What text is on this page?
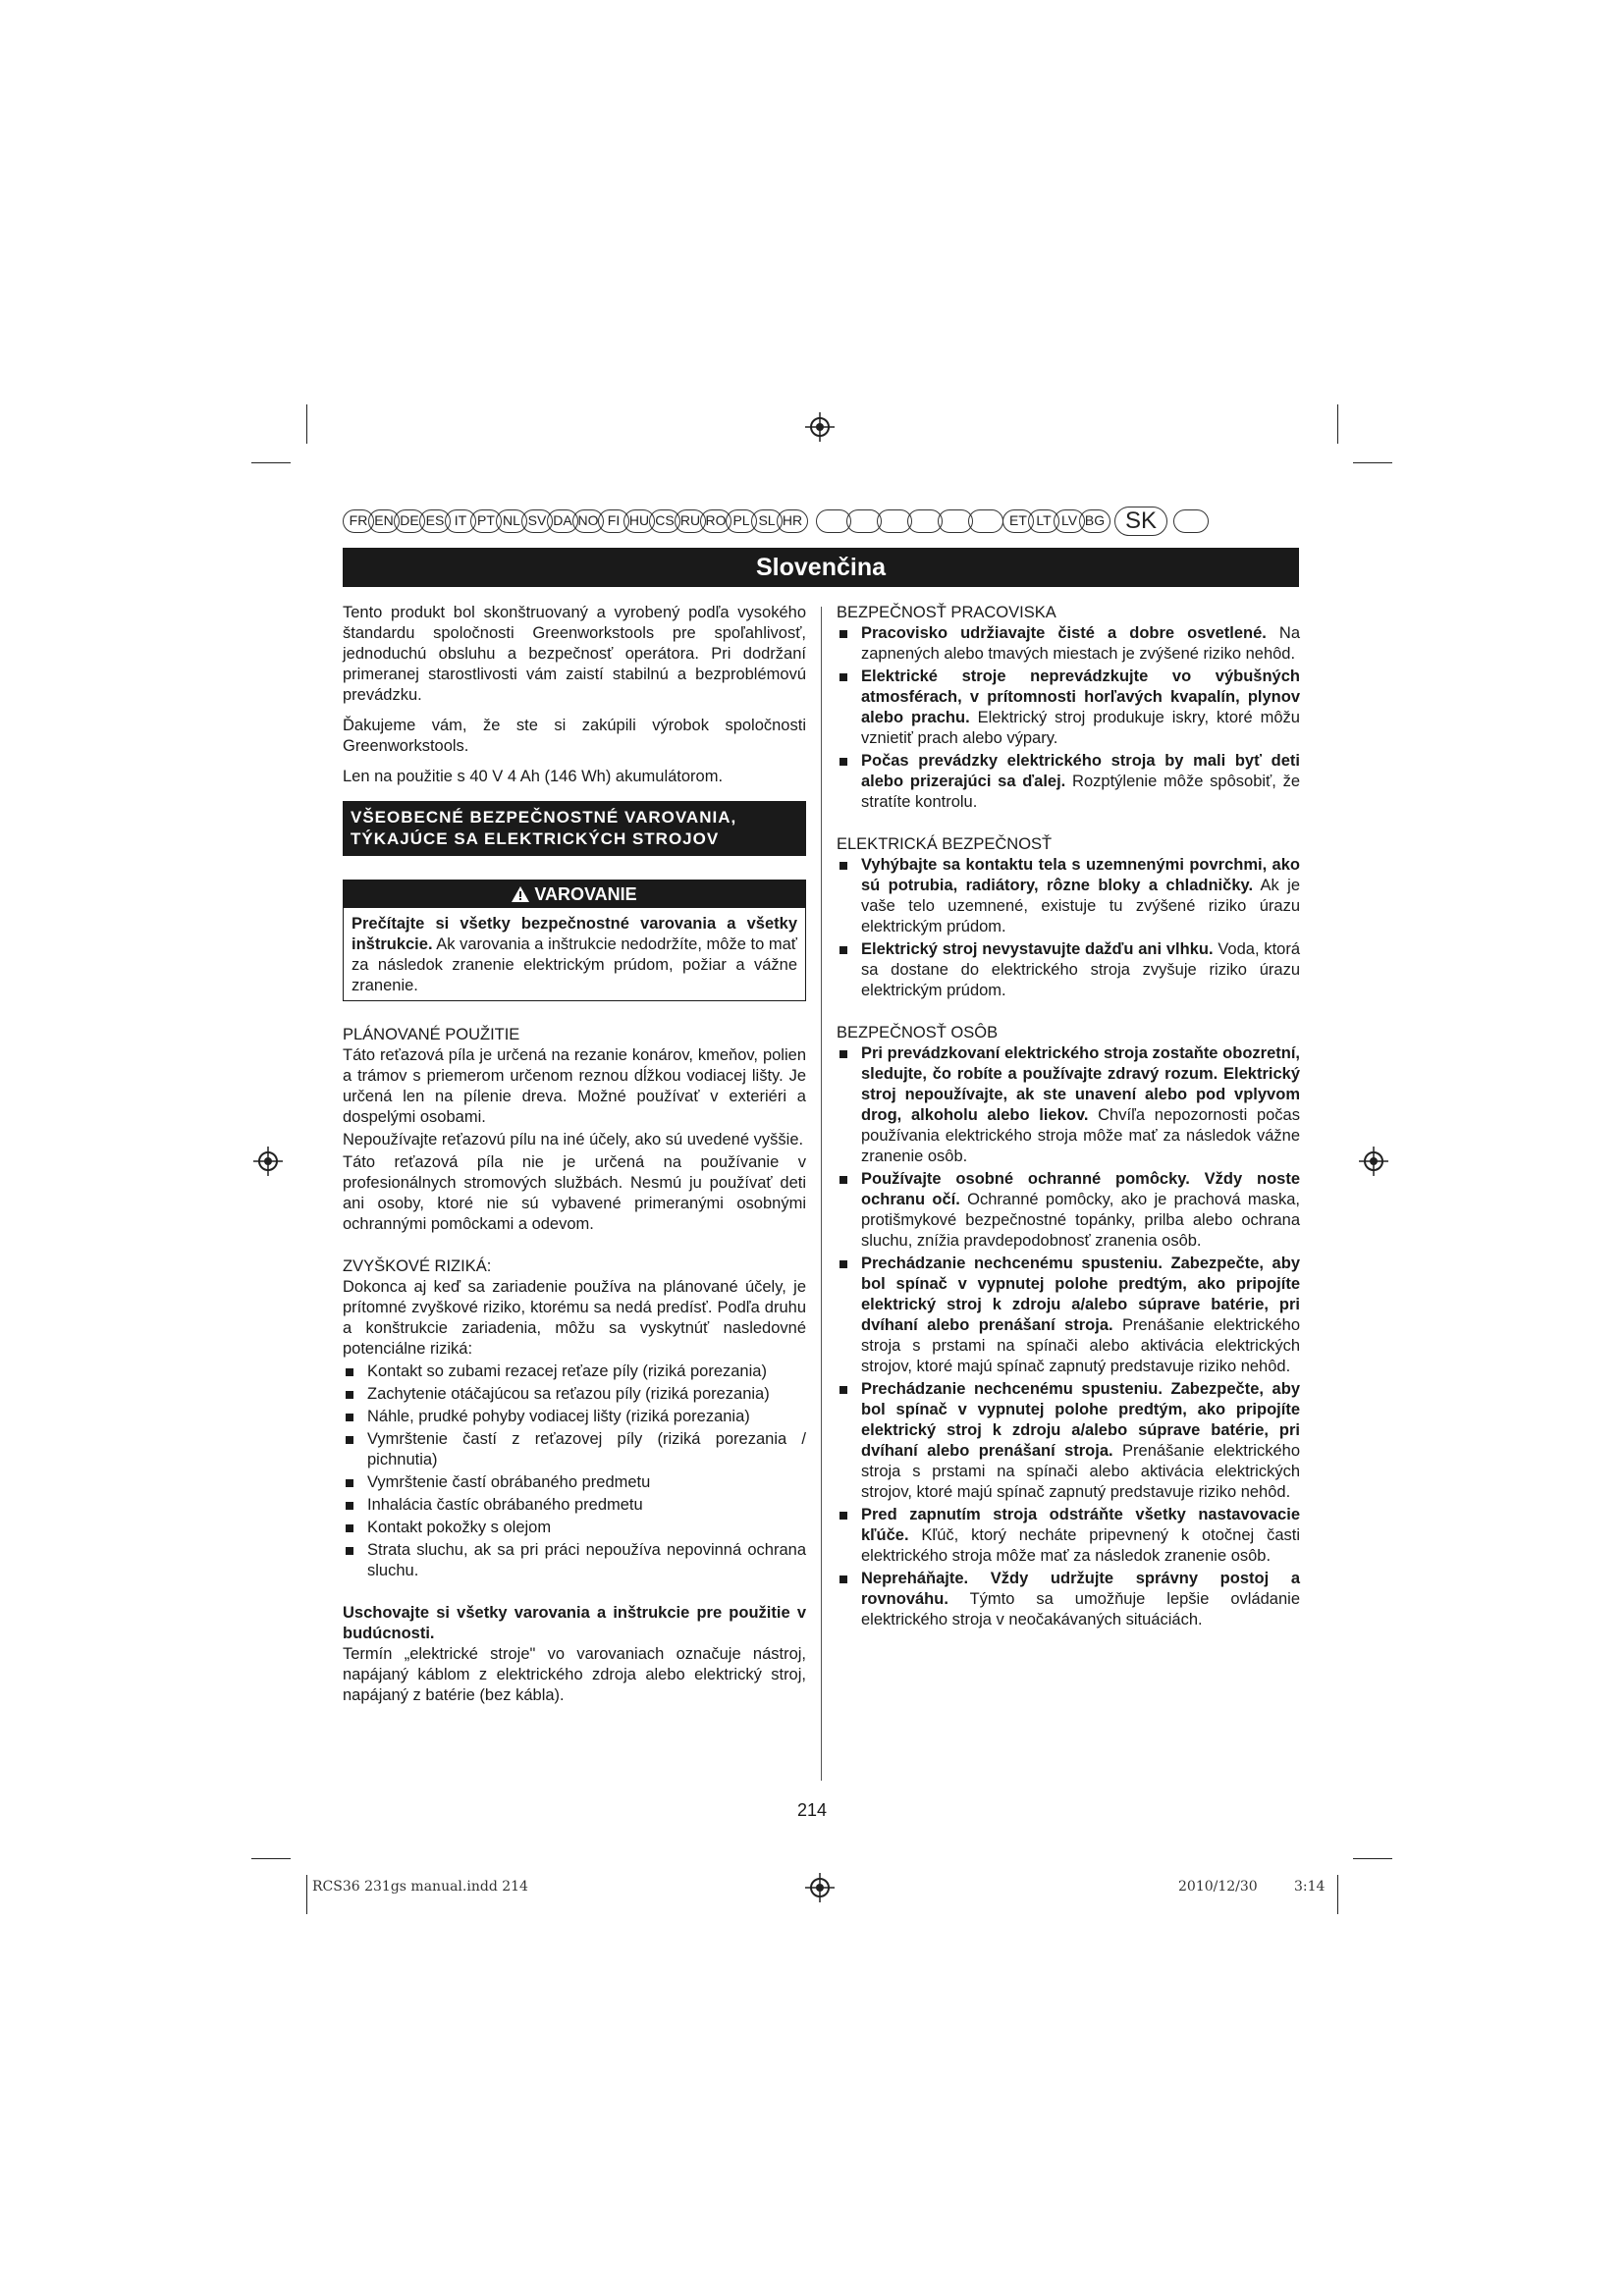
FR EN DE ES IT PT NL SV DA NO FI HU CS RU RO PL SL HR	ET LT LV BG SK
Slovenčina

Tento produkt bol skonštruovaný a vyrobený podľa vysokého štandardu spoločnosti Greenworkstools pre spoľahlivosť, jednoduchú obsluhu a bezpečnosť operátora. Pri dodržaní primeranej starostlivosti vám zaistí stabilnú a bezproblémovú prevádzku.

Ďakujeme vám, že ste si zakúpili výrobok spoločnosti Greenworkstools.

Len na použitie s 40 V 4 Ah (146 Wh) akumulátorom.

VŠEOBECNÉ BEZPEČNOSTNÉ VAROVANIA, TÝKAJÚCE SA ELEKTRICKÝCH STROJOV
VAROVANIE
Prečítajte si všetky bezpečnostné varovania a všetky inštrukcie. Ak varovania a inštrukcie nedodržíte, môže to mať za následok zranenie elektrickým prúdom, požiar a vážne zranenie.
PLÁNOVANÉ POUŽITIE

Táto reťazová píla je určená na rezanie konárov, kmeňov, polien a trámov s priemerom určenom reznou dĺžkou vodiacej lišty. Je určená len na pílenie dreva. Možné používať v exteriéri a dospelými osobami.

Nepoužívajte reťazovú pílu na iné účely, ako sú uvedené vyššie.

Táto reťazová píla nie je určená na používanie v profesionálnych stromových službách. Nesmú ju používať deti ani osoby, ktoré nie sú vybavené primeranými osobnými ochrannými pomôckami a odevom.

ZVYŠKOVÉ RIZIKÁ:

Dokonca aj keď sa zariadenie používa na plánované účely, je prítomné zvyškové riziko, ktorému sa nedá predísť. Podľa druhu a konštrukcie zariadenia, môžu sa vyskytnúť nasledovné potenciálne riziká:

Kontakt so zubami rezacej reťaze píly (riziká porezania)
Zachytenie otáčajúcou sa reťazou píly (riziká porezania)
Náhle, prudké pohyby vodiacej lišty (riziká porezania)
Vymrštenie častí z reťazovej píly (riziká porezania / pichnutia)
Vymrštenie častí obrábaného predmetu
Inhalácia častíc obrábaného predmetu
Kontakt pokožky s olejom
Strata sluchu, ak sa pri práci nepoužíva nepovinná ochrana sluchu.

Uschovajte si všetky varovania a inštrukcie pre použitie v budúcnosti.

Termín „elektrické stroje" vo varovaniach označuje nástroj, napájaný káblom z elektrického zdroja alebo elektrický stroj, napájaný z batérie (bez kábla).

BEZPEČNOSŤ PRACOVISKA
Pracovisko udržiavajte čisté a dobre osvetlené. Na zapnených alebo tmavých miestach je zvýšené riziko nehôd.
Elektrické stroje neprevádzkujte vo výbušných atmosférach, v prítomnosti horľavých kvapalín, plynov alebo prachu. Elektrický stroj produkuje iskry, ktoré môžu vznietiť prach alebo výpary.
Počas prevádzky elektrického stroja by mali byť deti alebo prizerajúci sa ďalej. Rozptýlenie môže spôsobiť, že stratíte kontrolu.
ELEKTRICKÁ BEZPEČNOSŤ
Vyhýbajte sa kontaktu tela s uzemnenými povrchmi, ako sú potrubia, radiátory, rôzne bloky a chladničky. Ak je vaše telo uzemnené, existuje tu zvýšené riziko úrazu elektrickým prúdom.
Elektrický stroj nevystavujte dažďu ani vlhku. Voda, ktorá sa dostane do elektrického stroja zvyšuje riziko úrazu elektrickým prúdom.
BEZPEČNOSŤ OSÔB
Pri prevádzkovaní elektrického stroja zostaňte obozretní, sledujte, čo robíte a používajte zdravý rozum. Elektrický stroj nepoužívajte, ak ste unavení alebo pod vplyvom drog, alkoholu alebo liekov. Chvíľa nepozornosti počas používania elektrického stroja môže mať za následok vážne zranenie osôb.
Používajte osobné ochranné pomôcky. Vždy noste ochranu očí. Ochranné pomôcky, ako je prachová maska, protišmykové bezpečnostné topánky, prilba alebo ochrana sluchu, znížia pravdepodobnosť zranenia osôb.
Prechádzanie nechcenému spusteniu. Zabezpečte, aby bol spínač v vypnutej polohe predtým, ako pripojíte elektrický stroj k zdroju a/alebo súprave batérie, pri dvíhaní alebo prenášaní stroja. Prenášanie elektrického stroja s prstami na spínači alebo aktivácia elektrických strojov, ktoré majú spínač zapnutý predstavuje riziko nehôd.
Prechádzanie nechcenému spusteniu. Zabezpečte, aby bol spínač v vypnutej polohe predtým, ako pripojíte elektrický stroj k zdroju a/alebo súprave batérie, pri dvíhaní alebo prenášaní stroja. Prenášanie elektrického stroja s prstami na spínači alebo aktivácia elektrických strojov, ktoré majú spínač zapnutý predstavuje riziko nehôd.
Pred zapnutím stroja odstráňte všetky nastavovacie kľúče. Kľúč, ktorý necháte pripevnený k otočnej časti elektrického stroja môže mať za následok zranenie osôb.
Nepreháňajte. Vždy udržujte správny postoj a rovnováhu. Týmto sa umožňuje lepšie ovládanie elektrického stroja v neočakávaných situáciách.
214
RCS36 231gs manual.indd 214	2010/12/30	3:14
